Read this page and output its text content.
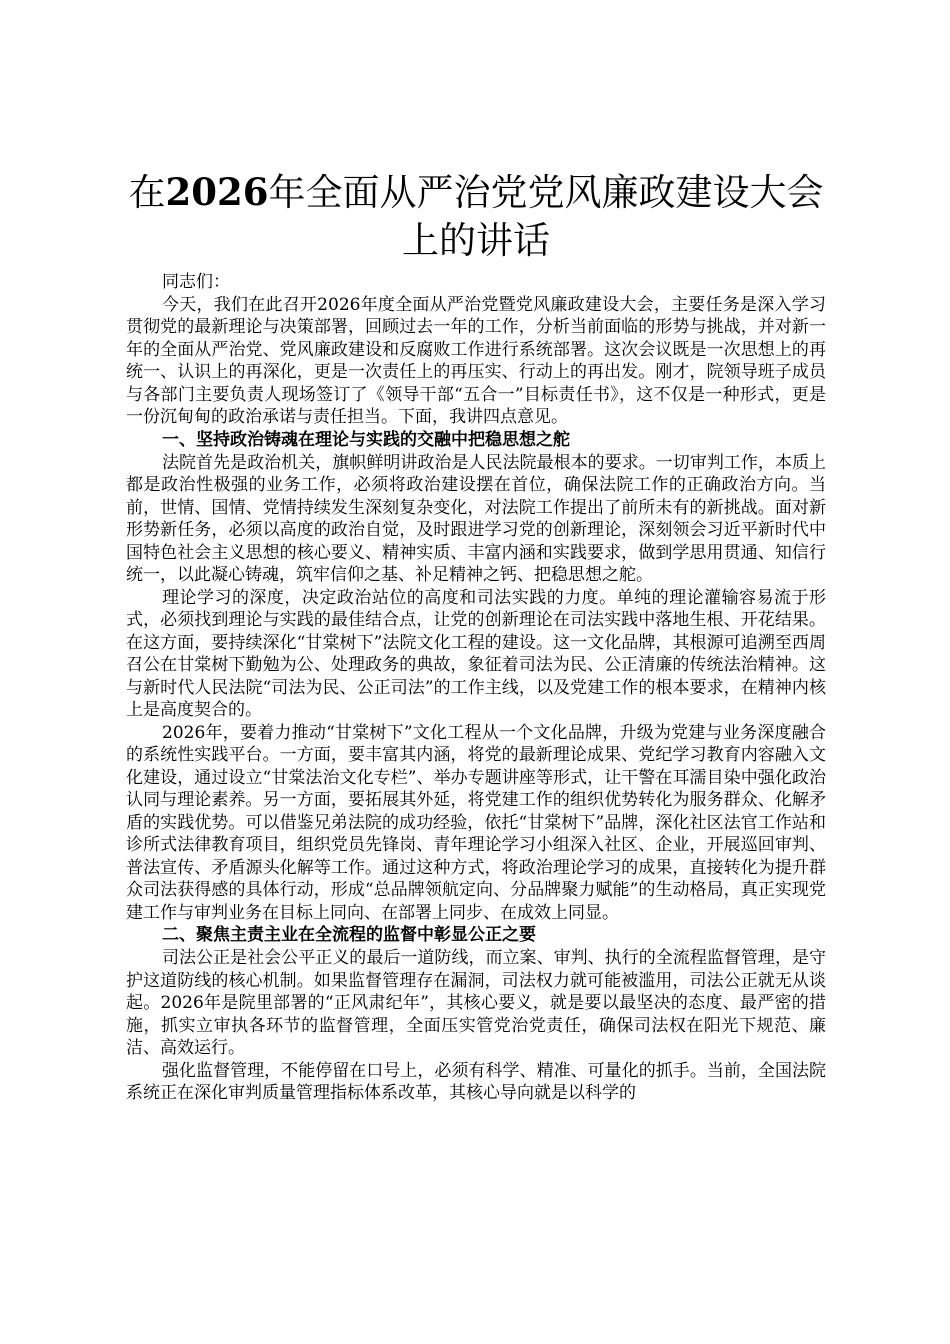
在2026年全面从严治党党风廉政建设大会上的讲话

同志们：

今天，我们在此召开2026年度全面从严治党暨党风廉政建设大会，主要任务是深入学习贯彻党的最新理论与决策部署，回顾过去一年的工作，分析当前面临的形势与挑战，并对新一年的全面从严治党、党风廉政建设和反腐败工作进行系统部署。这次会议既是一次思想上的再统一、认识上的再深化，更是一次责任上的再压实、行动上的再出发。刚才，院领导班子成员与各部门主要负责人现场签订了《领导干部“五合一”目标责任书》，这不仅是一种形式，更是一份沉甸甸的政治承诺与责任担当。下面，我讲四点意见。

一、坚持政治铸魂在理论与实践的交融中把稳思想之舵

法院首先是政治机关，旗帜鲜明讲政治是人民法院最根本的要求。一切审判工作，本质上都是政治性极强的业务工作，必须将政治建设摆在首位，确保法院工作的正确政治方向。当前，世情、国情、党情持续发生深刻复杂变化，对法院工作提出了前所未有的新挑战。面对新形势新任务，必须以高度的政治自觉，及时跟进学习党的创新理论，深刻领会习近平新时代中国特色社会主义思想的核心要义、精神实质、丰富内涵和实践要求，做到学思用贯通、知信行统一，以此凝心铸魂，筑牢信仰之基、补足精神之钙、把稳思想之舵。

理论学习的深度，决定政治站位的高度和司法实践的力度。单纯的理论灌输容易流于形式，必须找到理论与实践的最佳结合点，让党的创新理论在司法实践中落地生根、开花结果。在这方面，要持续深化“甘棠树下”法院文化工程的建设。这一文化品牌，其根源可追溯至西周召公在甘棠树下勤勉为公、处理政务的典故，象征着司法为民、公正清廉的传统法治精神。这与新时代人民法院“司法为民、公正司法”的工作主线，以及党建工作的根本要求，在精神内核上是高度契合的。

2026年，要着力推动“甘棠树下”文化工程从一个文化品牌，升级为党建与业务深度融合的系统性实践平台。一方面，要丰富其内涵，将党的最新理论成果、党纪学习教育内容融入文化建设，通过设立“甘棠法治文化专栏”、举办专题讲座等形式，让干警在耳濡目染中强化政治认同与理论素养。另一方面，要拓展其外延，将党建工作的组织优势转化为服务群众、化解矛盾的实践优势。可以借鉴兄弟法院的成功经验，依托“甘棠树下”品牌，深化社区法官工作站和诊所式法律教育项目，组织党员先锋岗、青年理论学习小组深入社区、企业，开展巡回审判、普法宣传、矛盾源头化解等工作。通过这种方式，将政治理论学习的成果，直接转化为提升群众司法获得感的具体行动，形成“总品牌领航定向、分品牌聚力赋能”的生动格局，真正实现党建工作与审判业务在目标上同向、在部署上同步、在成效上同显。

二、聚焦主责主业在全流程的监督中彰显公正之要

司法公正是社会公平正义的最后一道防线，而立案、审判、执行的全流程监督管理，是守护这道防线的核心机制。如果监督管理存在漏洞，司法权力就可能被滥用，司法公正就无从谈起。2026年是院里部署的“正风肃纪年”，其核心要义，就是要以最坚决的态度、最严密的措施，抓实立审执各环节的监督管理，全面压实管党治党责任，确保司法权在阳光下规范、廉洁、高效运行。

强化监督管理，不能停留在口号上，必须有科学、精准、可量化的抓手。当前，全国法院系统正在深化审判质量管理指标体系改革，其核心导向就是以科学的
